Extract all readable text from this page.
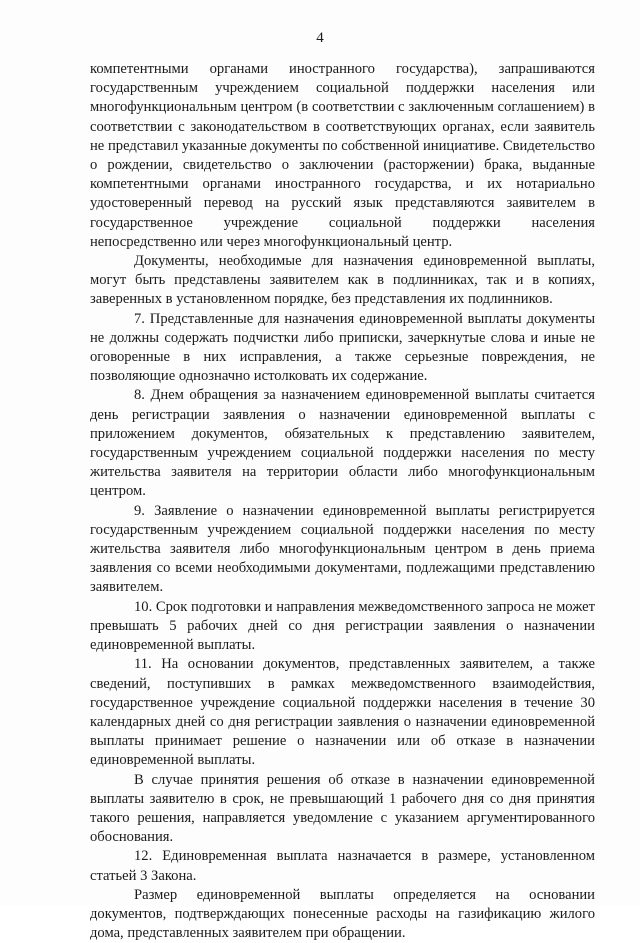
4

компетентными органами иностранного государства), запрашиваются государственным учреждением социальной поддержки населения или многофункциональным центром (в соответствии с заключенным соглашением) в соответствии с законодательством в соответствующих органах, если заявитель не представил указанные документы по собственной инициативе. Свидетельство о рождении, свидетельство о заключении (расторжении) брака, выданные компетентными органами иностранного государства, и их нотариально удостоверенный перевод на русский язык представляются заявителем в государственное учреждение социальной поддержки населения непосредственно или через многофункциональный центр.

Документы, необходимые для назначения единовременной выплаты, могут быть представлены заявителем как в подлинниках, так и в копиях, заверенных в установленном порядке, без представления их подлинников.

7. Представленные для назначения единовременной выплаты документы не должны содержать подчистки либо приписки, зачеркнутые слова и иные не оговоренные в них исправления, а также серьезные повреждения, не позволяющие однозначно истолковать их содержание.

8. Днем обращения за назначением единовременной выплаты считается день регистрации заявления о назначении единовременной выплаты с приложением документов, обязательных к представлению заявителем, государственным учреждением социальной поддержки населения по месту жительства заявителя на территории области либо многофункциональным центром.

9. Заявление о назначении единовременной выплаты регистрируется государственным учреждением социальной поддержки населения по месту жительства заявителя либо многофункциональным центром в день приема заявления со всеми необходимыми документами, подлежащими представлению заявителем.

10. Срок подготовки и направления межведомственного запроса не может превышать 5 рабочих дней со дня регистрации заявления о назначении единовременной выплаты.

11. На основании документов, представленных заявителем, а также сведений, поступивших в рамках межведомственного взаимодействия, государственное учреждение социальной поддержки населения в течение 30 календарных дней со дня регистрации заявления о назначении единовременной выплаты принимает решение о назначении или об отказе в назначении единовременной выплаты.

В случае принятия решения об отказе в назначении единовременной выплаты заявителю в срок, не превышающий 1 рабочего дня со дня принятия такого решения, направляется уведомление с указанием аргументированного обоснования.

12. Единовременная выплата назначается в размере, установленном статьей 3 Закона.

Размер единовременной выплаты определяется на основании документов, подтверждающих понесенные расходы на газификацию жилого дома, представленных заявителем при обращении.
